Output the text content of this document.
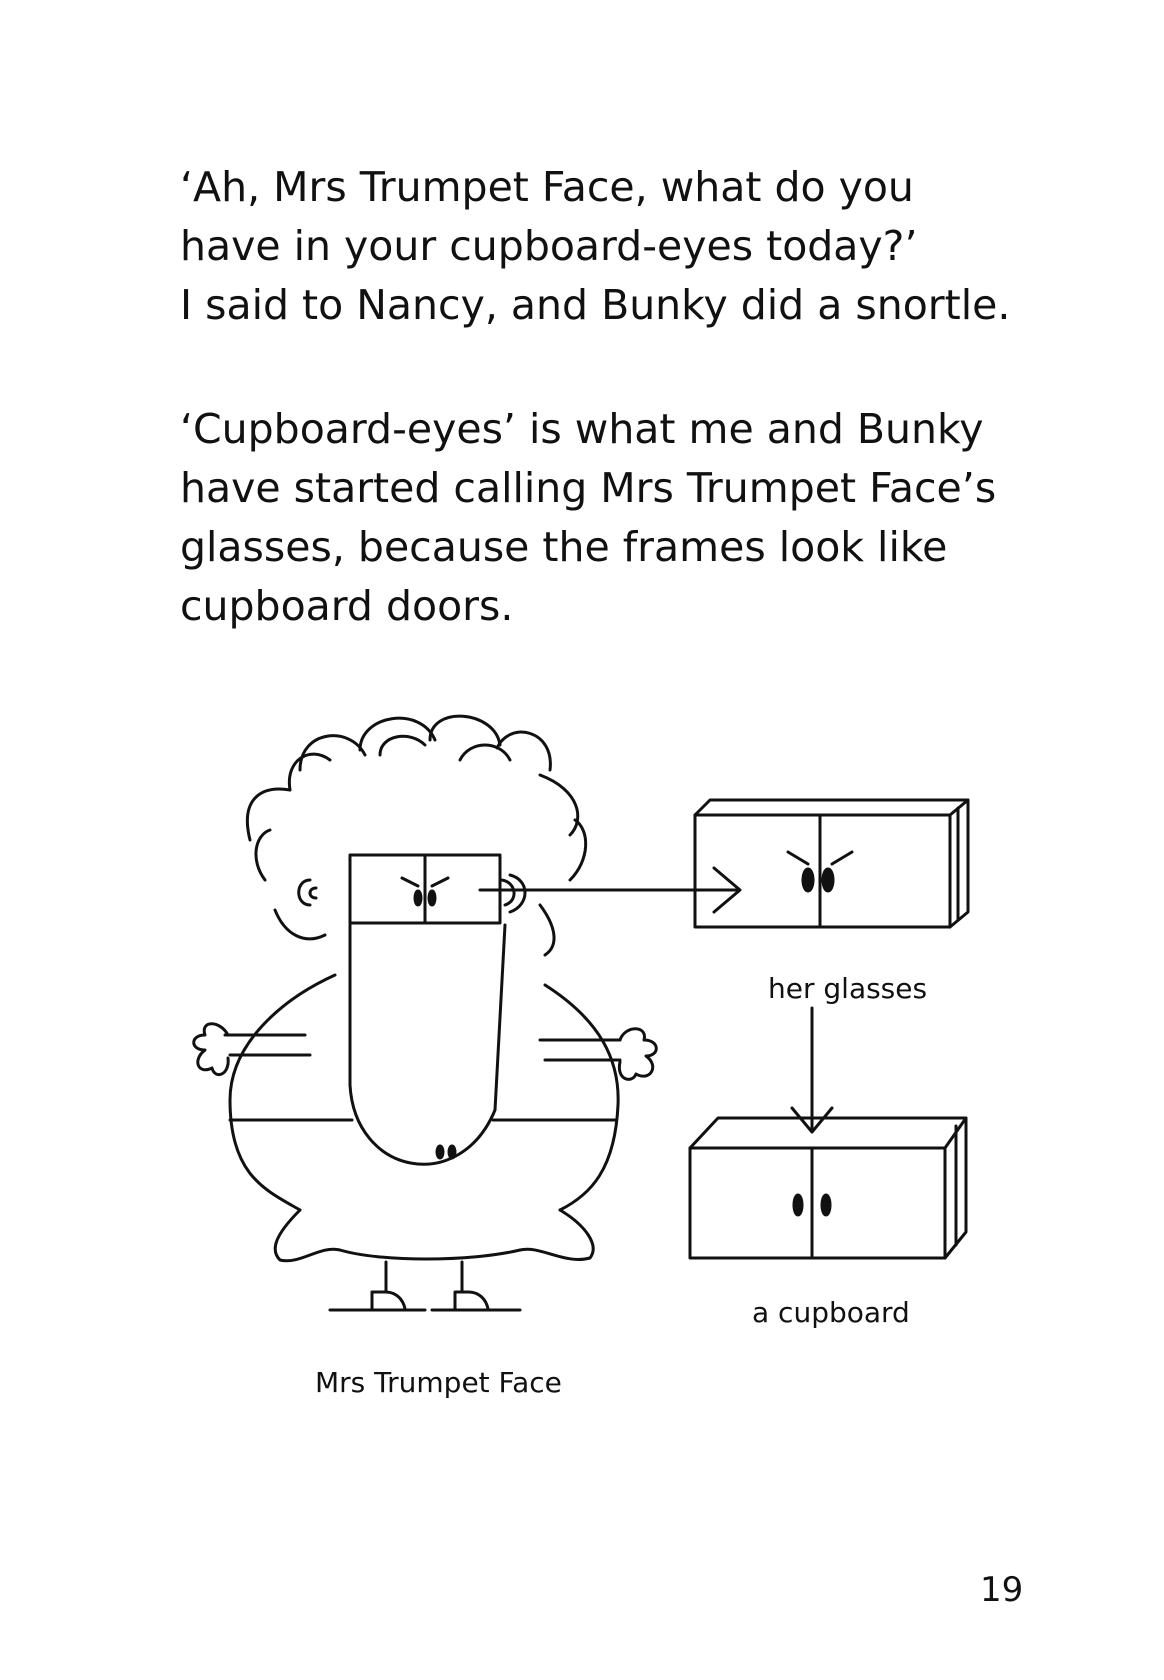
‘Ah, Mrs Trumpet Face, what do you
have in your cupboard-eyes today?’
I said to Nancy, and Bunky did a snortle.
‘Cupboard-eyes’ is what me and Bunky
have started calling Mrs Trumpet Face’s
glasses, because the frames look like
cupboard doors.
Mrs Trumpet Face
her glasses
a cupboard
19
